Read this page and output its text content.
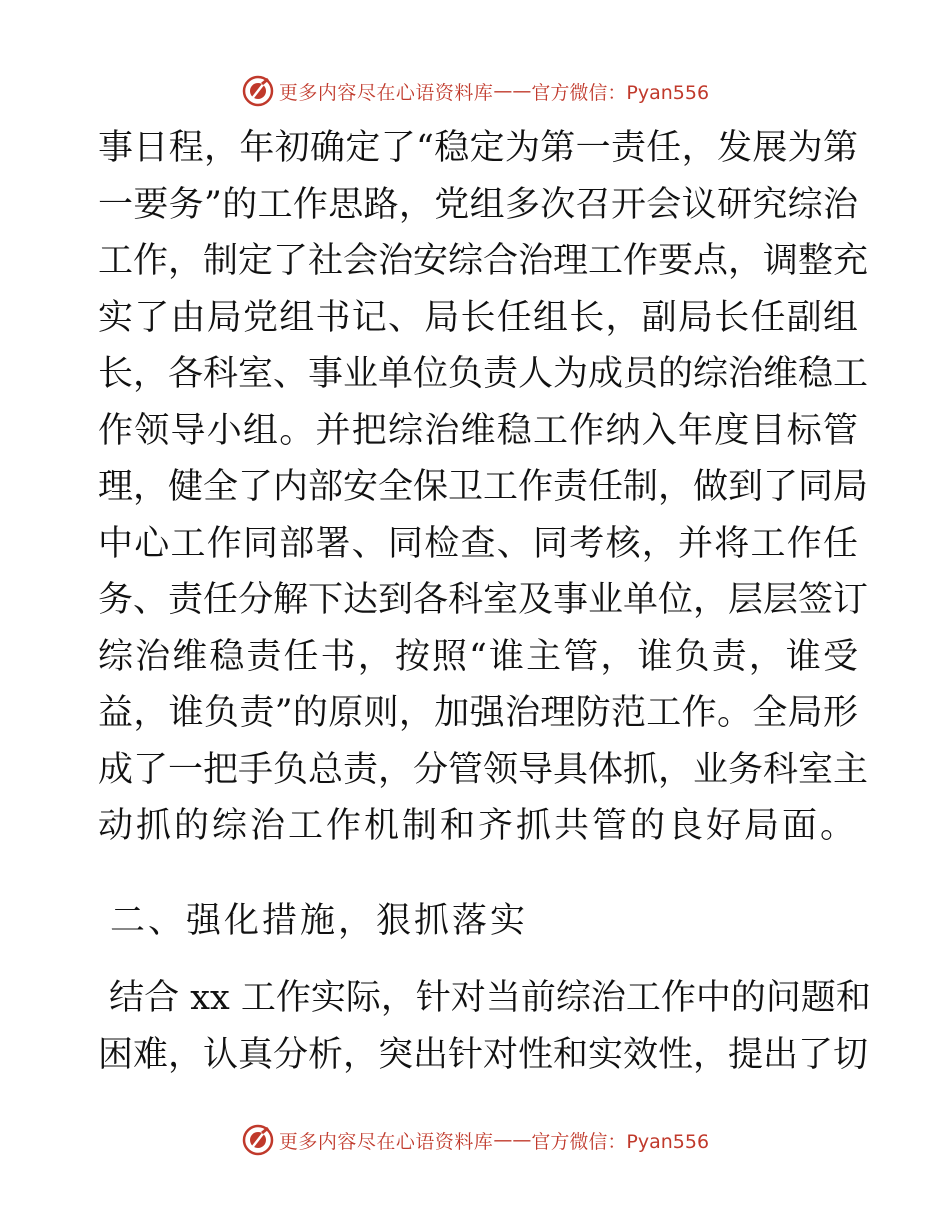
更多内容尽在心语资料库 —— 官方微信：Pyan556
事日程，年初确定了“稳定为第一责任，发展为第
一要务”的工作思路，党组多次召开会议研究综治
工作，制定了社会治安综合治理工作要点，调整充
实了由局党组书记、局长任组长，副局长任副组
长，各科室、事业单位负责人为成员的综治维稳工
作领导小组。并把综治维稳工作纳入年度目标管
理，健全了内部安全保卫工作责任制，做到了同局
中心工作同部署、同检查、同考核，并将工作任
务、责任分解下达到各科室及事业单位，层层签订
综治维稳责任书，按照“谁主管，谁负责，谁受
益，谁负责”的原则，加强治理防范工作。全局形
成了一把手负总责，分管领导具体抓，业务科室主
动抓的综治工作机制和齐抓共管的良好局面。
二、强化措施，狠抓落实
结合 xx 工作实际，针对当前综治工作中的问题和
困难，认真分析，突出针对性和实效性，提出了切
更多内容尽在心语资料库 —— 官方微信：Pyan556
